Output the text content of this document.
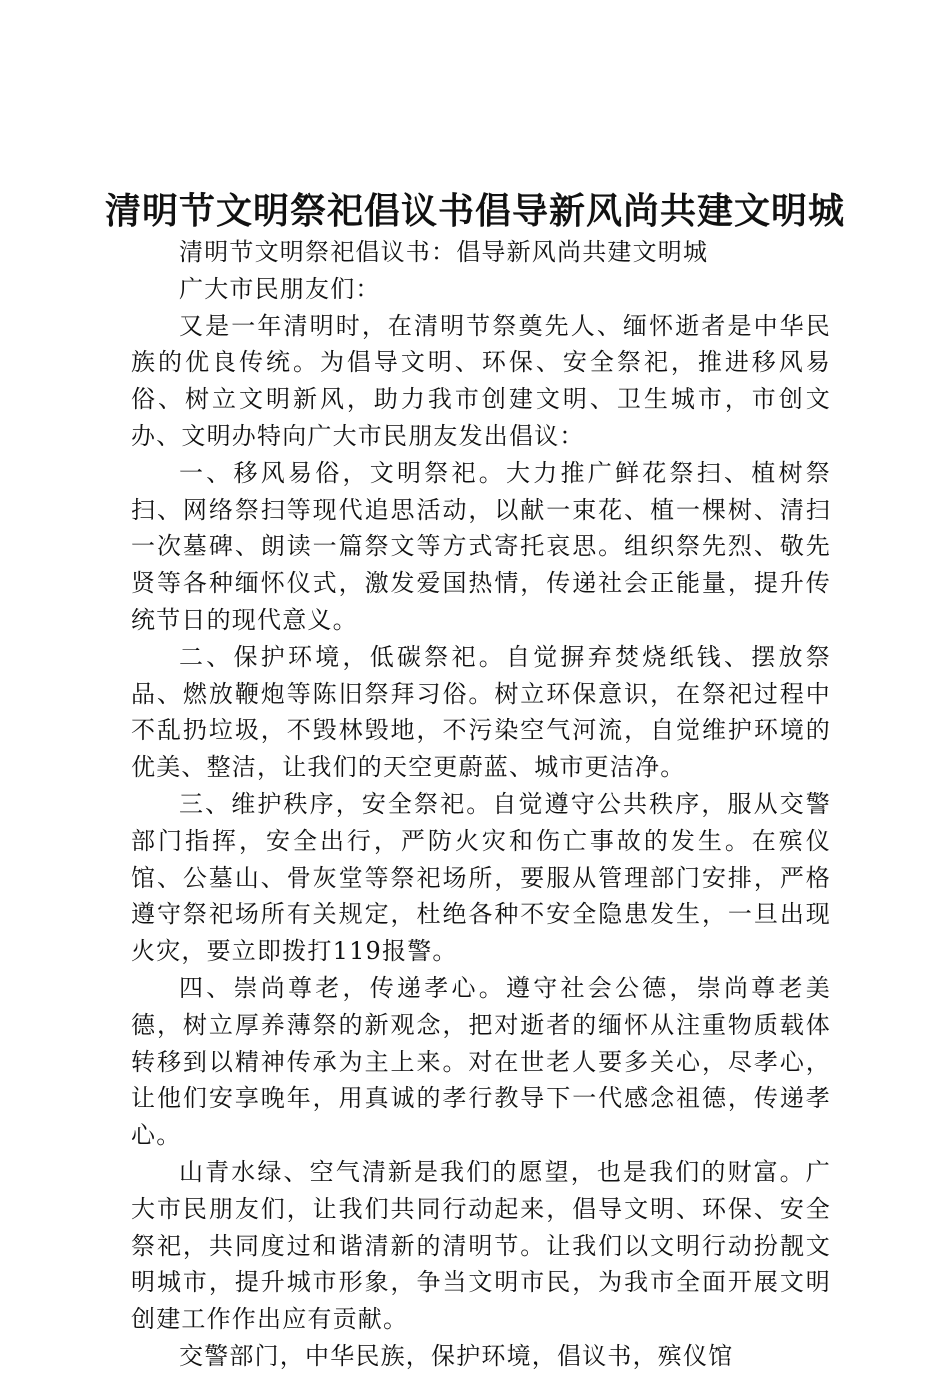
清明节文明祭祀倡议书倡导新风尚共建文明城

清明节文明祭祀倡议书：倡导新风尚共建文明城

广大市民朋友们：

又是一年清明时，在清明节祭奠先人、缅怀逝者是中华民族的优良传统。为倡导文明、环保、安全祭祀，推进移风易俗、树立文明新风，助力我市创建文明、卫生城市，市创文办、文明办特向广大市民朋友发出倡议：

一、移风易俗，文明祭祀。大力推广鲜花祭扫、植树祭扫、网络祭扫等现代追思活动，以献一束花、植一棵树、清扫一次墓碑、朗读一篇祭文等方式寄托哀思。组织祭先烈、敬先贤等各种缅怀仪式，激发爱国热情，传递社会正能量，提升传统节日的现代意义。

二、保护环境，低碳祭祀。自觉摒弃焚烧纸钱、摆放祭品、燃放鞭炮等陈旧祭拜习俗。树立环保意识，在祭祀过程中不乱扔垃圾，不毁林毁地，不污染空气河流，自觉维护环境的优美、整洁，让我们的天空更蔚蓝、城市更洁净。

三、维护秩序，安全祭祀。自觉遵守公共秩序，服从交警部门指挥，安全出行，严防火灾和伤亡事故的发生。在殡仪馆、公墓山、骨灰堂等祭祀场所，要服从管理部门安排，严格遵守祭祀场所有关规定，杜绝各种不安全隐患发生，一旦出现火灾，要立即拨打119报警。

四、崇尚尊老，传递孝心。遵守社会公德，崇尚尊老美德，树立厚养薄祭的新观念，把对逝者的缅怀从注重物质载体转移到以精神传承为主上来。对在世老人要多关心，尽孝心，让他们安享晚年，用真诚的孝行教导下一代感念祖德，传递孝心。

山青水绿、空气清新是我们的愿望，也是我们的财富。广大市民朋友们，让我们共同行动起来，倡导文明、环保、安全祭祀，共同度过和谐清新的清明节。让我们以文明行动扮靓文明城市，提升城市形象，争当文明市民，为我市全面开展文明创建工作作出应有贡献。

交警部门，中华民族，保护环境，倡议书，殡仪馆
